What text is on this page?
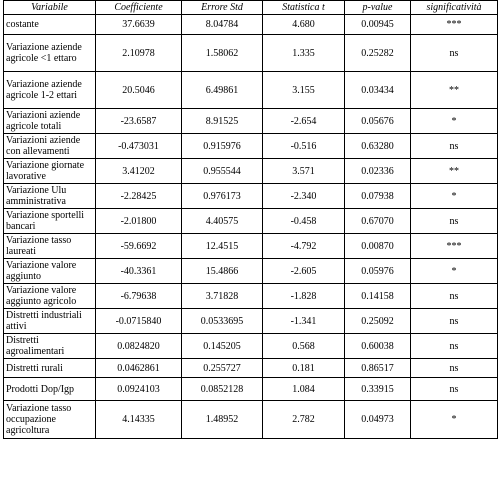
Variabile	Coefficiente	Errore Std	Statistica t	p-value	significatività
costante	37.6639	8.04784	4.680	0.00945	***
Variazione aziende agricole <1 ettaro	2.10978	1.58062	1.335	0.25282	ns
Variazione aziende agricole 1-2 ettari	20.5046	6.49861	3.155	0.03434	**
Variazioni aziende agricole totali	-23.6587	8.91525	-2.654	0.05676	*
Variazioni aziende con allevamenti	-0.473031	0.915976	-0.516	0.63280	ns
Variazione giornate lavorative	3.41202	0.955544	3.571	0.02336	**
Variazione Ulu amministrativa	-2.28425	0.976173	-2.340	0.07938	*
Variazione sportelli bancari	-2.01800	4.40575	-0.458	0.67070	ns
Variazione tasso laureati	-59.6692	12.4515	-4.792	0.00870	***
Variazione valore aggiunto	-40.3361	15.4866	-2.605	0.05976	*
Variazione valore aggiunto agricolo	-6.79638	3.71828	-1.828	0.14158	ns
Distretti industriali attivi	-0.0715840	0.0533695	-1.341	0.25092	ns
Distretti agroalimentari	0.0824820	0.145205	0.568	0.60038	ns
Distretti rurali	0.0462861	0.255727	0.181	0.86517	ns
Prodotti Dop/Igp	0.0924103	0.0852128	1.084	0.33915	ns
Variazione tasso occupazione agricoltura	4.14335	1.48952	2.782	0.04973	*
